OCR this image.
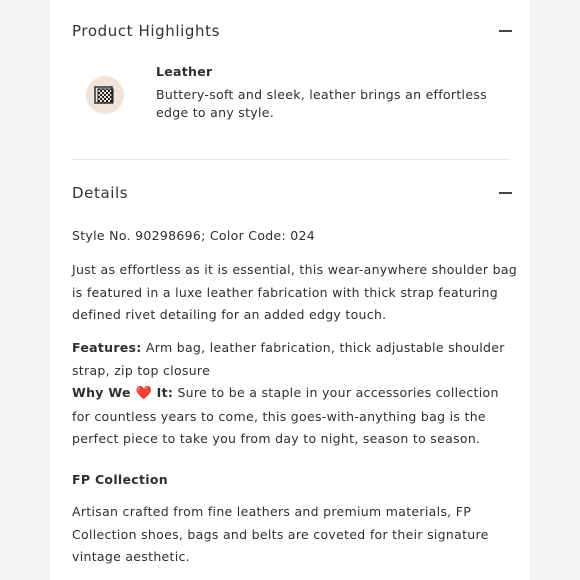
Product Highlights
Leather
Buttery-soft and sleek, leather brings an effortless edge to any style.
Details
Style No. 90298696; Color Code: 024
Just as effortless as it is essential, this wear-anywhere shoulder bag is featured in a luxe leather fabrication with thick strap featuring defined rivet detailing for an added edgy touch.
Features: Arm bag, leather fabrication, thick adjustable shoulder strap, zip top closure
Why We ❤️ It: Sure to be a staple in your accessories collection for countless years to come, this goes-with-anything bag is the perfect piece to take you from day to night, season to season.
FP Collection
Artisan crafted from fine leathers and premium materials, FP Collection shoes, bags and belts are coveted for their signature vintage aesthetic.
